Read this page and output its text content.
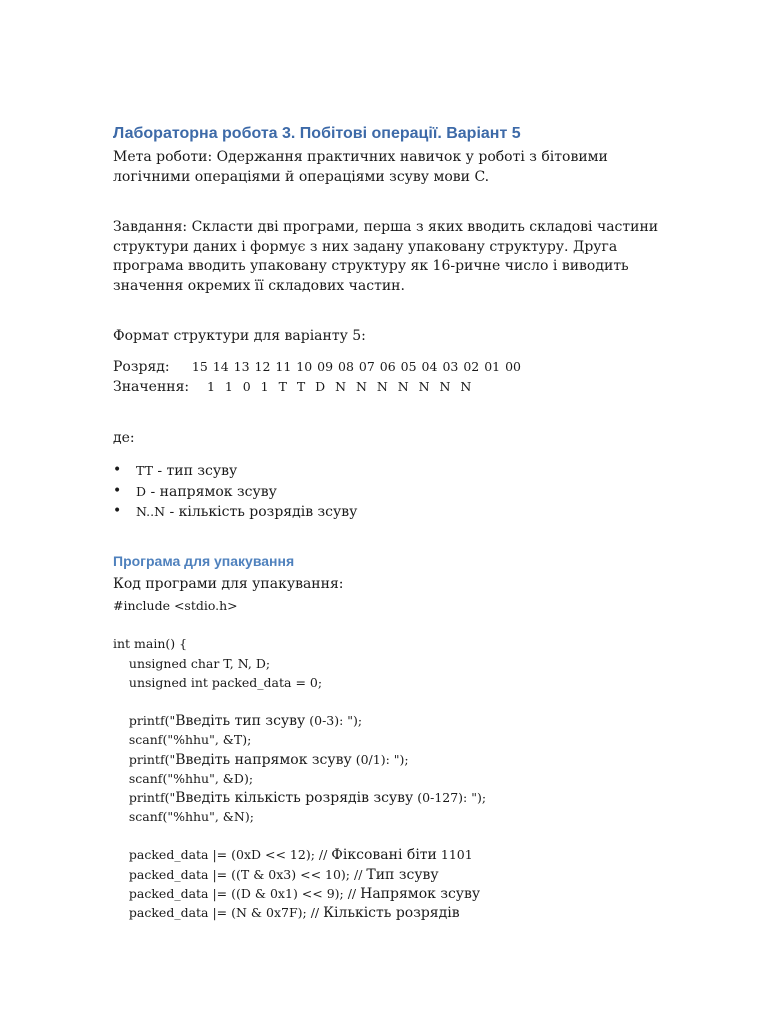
Лабораторна робота 3. Побітові операції. Варіант 5
Мета роботи: Одержання практичних навичок у роботі з бітовими
логічними операціями й операціями зсуву мови C.
Завдання: Скласти дві програми, перша з яких вводить складові частини
структури даних і формує з них задану упаковану структуру. Друга
програма вводить упаковану структуру як 16-ричне число і виводить
значення окремих її складових частин.
Формат структури для варіанту 5:
Розряд: 15 14 13 12 11 10 09 08 07 06 05 04 03 02 01 00
Значення: 1  1  0  1  T  T  D  N  N  N  N  N  N  N
де:
• TT - тип зсуву
• D - напрямок зсуву
• N..N - кількість розрядів зсуву
Програма для упакування
Код програми для упакування:
#include <stdio.h>
int main() {
unsigned char T, N, D;
unsigned int packed_data = 0;
printf("Введіть тип зсуву (0-3): ");
scanf("%hhu", &T);
printf("Введіть напрямок зсуву (0/1): ");
scanf("%hhu", &D);
printf("Введіть кількість розрядів зсуву (0-127): ");
scanf("%hhu", &N);
packed_data |= (0xD << 12); // Фіксовані біти 1101
packed_data |= ((T & 0x3) << 10); // Тип зсуву
packed_data |= ((D & 0x1) << 9); // Напрямок зсуву
packed_data |= (N & 0x7F); // Кількість розрядів
